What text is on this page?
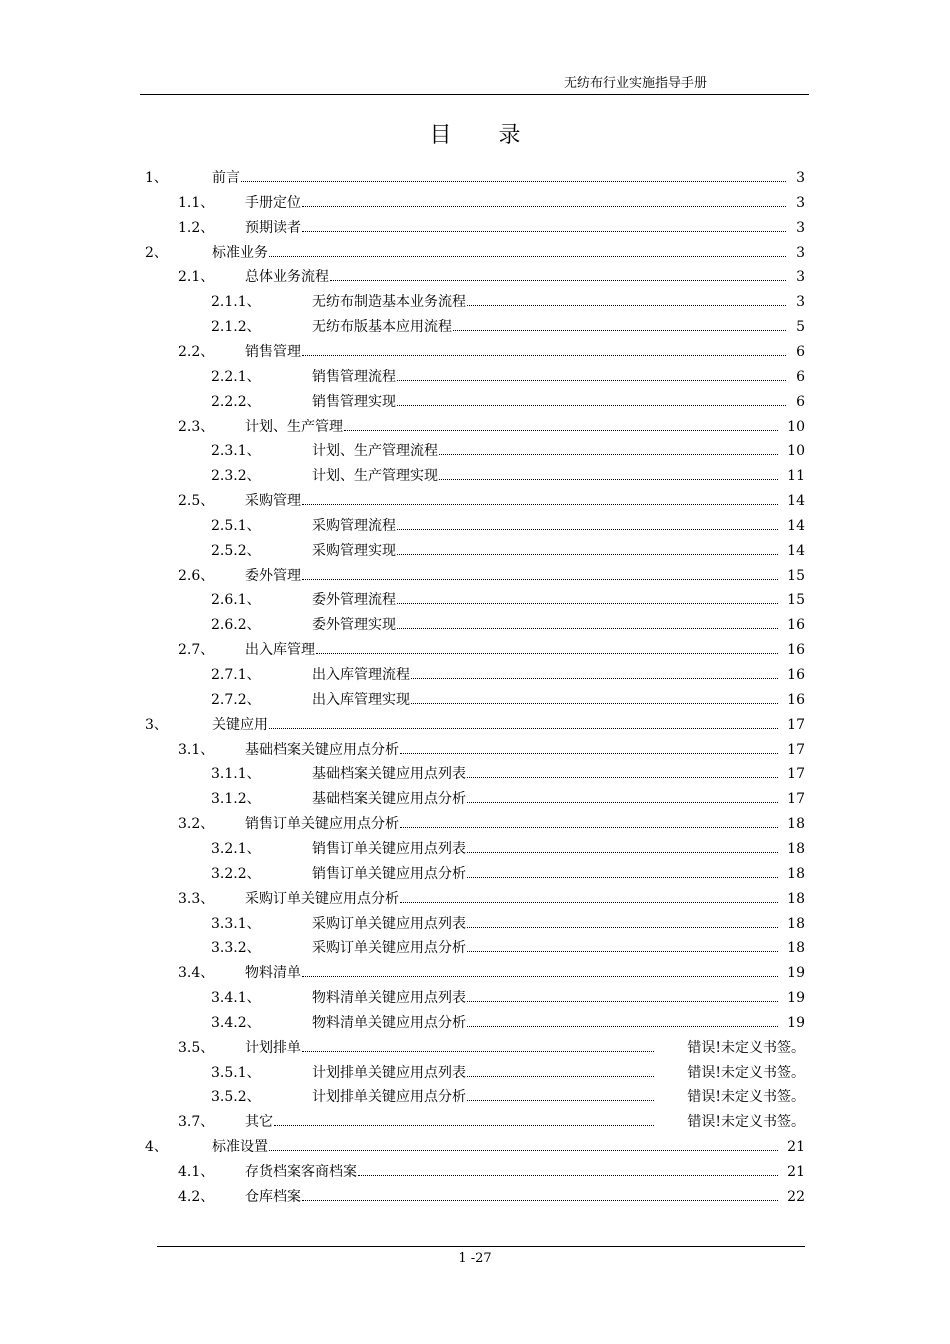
无纺布行业实施指导手册
目 录
1、	前言	3
1.1、 手册定位	3
1.2、 预期读者	3
2、	标准业务	3
2.1、 总体业务流程	3
2.1.1、	无纺布制造基本业务流程	3
2.1.2、	无纺布版基本应用流程	5
2.2、 销售管理	6
2.2.1、	销售管理流程	6
2.2.2、	销售管理实现	6
2.3、 计划、生产管理	10
2.3.1、	计划、生产管理流程	10
2.3.2、	计划、生产管理实现	11
2.5、 采购管理	14
2.5.1、	采购管理流程	14
2.5.2、	采购管理实现	14
2.6、 委外管理	15
2.6.1、	委外管理流程	15
2.6.2、	委外管理实现	16
2.7、 出入库管理	16
2.7.1、	出入库管理流程	16
2.7.2、	出入库管理实现	16
3、	关键应用	17
3.1、 基础档案关键应用点分析	17
3.1.1、	基础档案关键应用点列表	17
3.1.2、	基础档案关键应用点分析	17
3.2、 销售订单关键应用点分析	18
3.2.1、	销售订单关键应用点列表	18
3.2.2、	销售订单关键应用点分析	18
3.3、 采购订单关键应用点分析	18
3.3.1、	采购订单关键应用点列表	18
3.3.2、	采购订单关键应用点分析	18
3.4、 物料清单	19
3.4.1、	物料清单关键应用点列表	19
3.4.2、	物料清单关键应用点分析	19
3.5、 计划排单	错误!未定义书签。
3.5.1、	计划排单关键应用点列表	错误!未定义书签。
3.5.2、	计划排单关键应用点分析	错误!未定义书签。
3.7、 其它	错误!未定义书签。
4、	标准设置	21
4.1、 存货档案客商档案	21
4.2、 仓库档案	22
1 -27
